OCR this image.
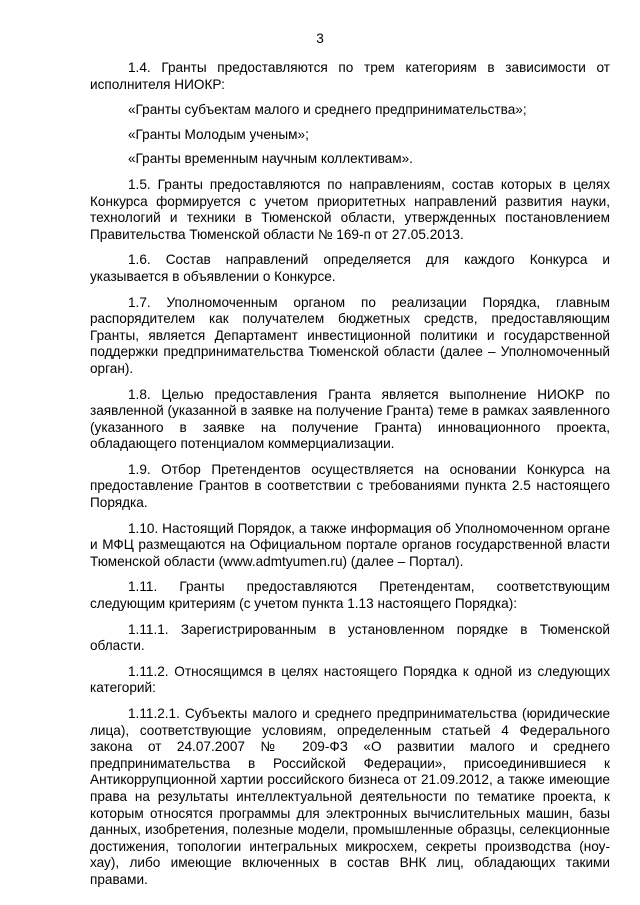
3

1.4. Гранты предоставляются по трем категориям в зависимости от исполнителя НИОКР:

«Гранты субъектам малого и среднего предпринимательства»;

«Гранты Молодым ученым»;

«Гранты временным научным коллективам».

1.5. Гранты предоставляются по направлениям, состав которых в целях Конкурса формируется с учетом приоритетных направлений развития науки, технологий и техники в Тюменской области, утвержденных постановлением Правительства Тюменской области № 169-п от 27.05.2013.

1.6. Состав направлений определяется для каждого Конкурса и указывается в объявлении о Конкурсе.

1.7. Уполномоченным органом по реализации Порядка, главным распорядителем как получателем бюджетных средств, предоставляющим Гранты, является Департамент инвестиционной политики и государственной поддержки предпринимательства Тюменской области (далее – Уполномоченный орган).

1.8. Целью предоставления Гранта является выполнение НИОКР по заявленной (указанной в заявке на получение Гранта) теме в рамках заявленного (указанного в заявке на получение Гранта) инновационного проекта, обладающего потенциалом коммерциализации.

1.9. Отбор Претендентов осуществляется на основании Конкурса на предоставление Грантов в соответствии с требованиями пункта 2.5 настоящего Порядка.

1.10. Настоящий Порядок, а также информация об Уполномоченном органе и МФЦ размещаются на Официальном портале органов государственной власти Тюменской области (www.admtyumen.ru) (далее – Портал).

1.11. Гранты предоставляются Претендентам, соответствующим следующим критериям (с учетом пункта 1.13 настоящего Порядка):

1.11.1. Зарегистрированным в установленном порядке в Тюменской области.

1.11.2. Относящимся в целях настоящего Порядка к одной из следующих категорий:

1.11.2.1. Субъекты малого и среднего предпринимательства (юридические лица), соответствующие условиям, определенным статьей 4 Федерального закона от 24.07.2007 № 209-ФЗ «О развитии малого и среднего предпринимательства в Российской Федерации», присоединившиеся к Антикоррупционной хартии российского бизнеса от 21.09.2012, а также имеющие права на результаты интеллектуальной деятельности по тематике проекта, к которым относятся программы для электронных вычислительных машин, базы данных, изобретения, полезные модели, промышленные образцы, селекционные достижения, топологии интегральных микросхем, секреты производства (ноу-хау), либо имеющие включенных в состав ВНК лиц, обладающих такими правами.
